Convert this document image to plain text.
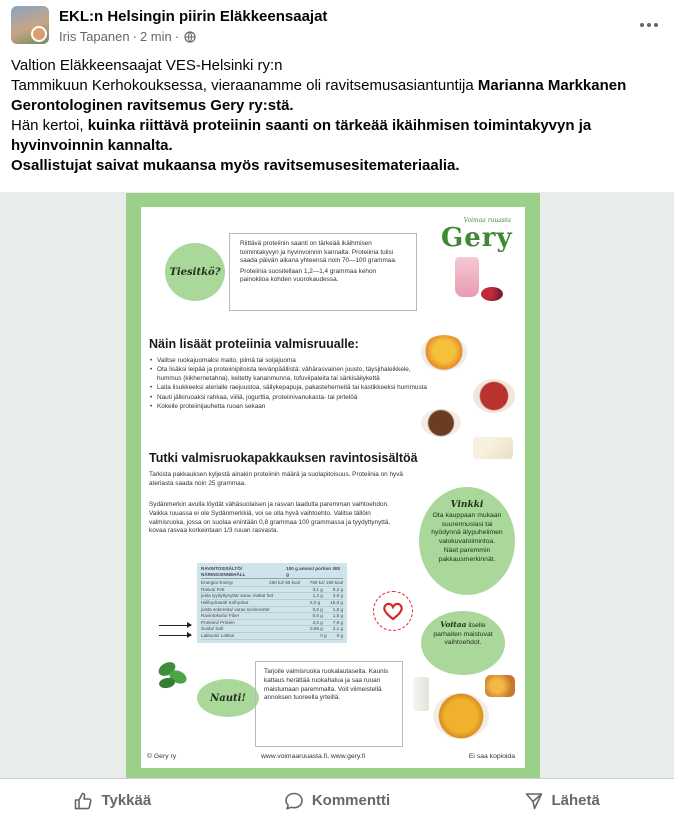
EKL:n Helsingin piirin Eläkkeensaajat
Iris Tapanen · 2 min ·

Valtion Eläkkeensaajat VES-Helsinki ry:n

Tammikuun Kerhokouksessa, vieraanamme oli ravitsemusasiantuntija Marianna Markkanen

Gerontologinen ravitsemus Gery ry:stä.

Hän kertoi, kuinka riittävä proteiinin saanti on tärkeää ikäihmisen toimintakyvyn ja hyvinvoinnin kannalta.

Osallistujat saivat mukaansa myös ravitsemusesitemateriaalia.

Voimaa ruuasta
Gery
Tiesitkö?

Riittävä proteiinin saanti on tärkeää ikäihmisen toimintakyvyn ja hyvinvoinnin kannalta. Proteiinia tulisi saada päivän aikana yhteensä noin 70—100 grammaa.

Proteiinia suositellaan 1,2—1,4 grammaa kehon painokiloa kohden vuorokaudessa.

Näin lisäät proteiinia valmisruualle:
• Valitse ruokajuomaksi maito, piimä tai soijajuoma
• Ota lisäksi leipää ja proteiinipitoista leivänpäällistä: vähärasvainen juusto, täysjihaleikkele, hummus (kikhernetahna), keitetty kananmunna, tofuviipaleita tai särkisäilykettä
• Laita lisukkeeksi aterialle raejuustoa, säilykepapuja, pakasteherneitä tai kastikkeeksi hummusta
• Nauti jälkiruoaksi rahkaa, viiliä, jogurttia, proteiinivanukasta- tai pirtelöä
• Kokeile proteiinijauhetta ruoan sekaan
Tutki valmisruokapakkauksen ravintosisältöä
Tarkista pakkauksen kyljestä ainakin proteiinin määrä ja suolapitoisuus. Proteiinia on hyvä ateriasta saada noin 25 grammaa.
Sydänmerkin avulla löydät vähäsuolaisen ja rasvan laadulta paremman vaihtoehdon. Vaikka ruuassa ei ole Sydänmerkkiä, voi se olla hyvä vaihtoehto. Valitse tällöin valmisruoka, jossa on suolaa enintään 0,8 grammaa 100 grammassa ja tyydyttynyttä, kovaa rasvaa korkeintaan 1/3 ruuan rasvasta.
Vinkki
Ota kauppaan mukaan suurennuslasi tai hyödynnä älypuhelimen valokuvatoimintoa. Näet paremmin pakkausmerkinnät.
RAVINTOSISÄLTÖ/ NÄRINGSINNEHÅLL
100 g annos/ portion 300 g
Energia/ Energi	260 kJ/ 60 kcal 780 kJ/ 180 kcal
Rasva/ Fett	3,1 g 9,2 g
josta tyydyttynyttä/ varav mättat fett	1,3 g 3,9 g
Hiilihydraatit/ Kolhydrat	5,0 g 15,0 g
joista sokereita/ varav sockerarter	0,6 g 1,8 g
Ravintokuitu/ Fiber	0,5 g 1,5 g
Proteiini/ Protein	2,6 g 7,8 g
Suola/ Salt	0,69 g 2,1 g
Laktoosi/ Laktos	0 g 0 g
Voitaa itselle parhaiten maistuvat vaihtoehdot.
Nauti!
Tarjoile valmisruoka ruokalautaselta. Kaunis kattaus herättää ruokahalua ja saa ruuan maistumaan paremmalta. Voit viimeistellä annoksen tuoreella yrteillä.
© Gery ry	www.voimaaruuasta.fi, www.gery.fi	Ei saa kopioida
Tykkää	Kommentti	Lähetä
